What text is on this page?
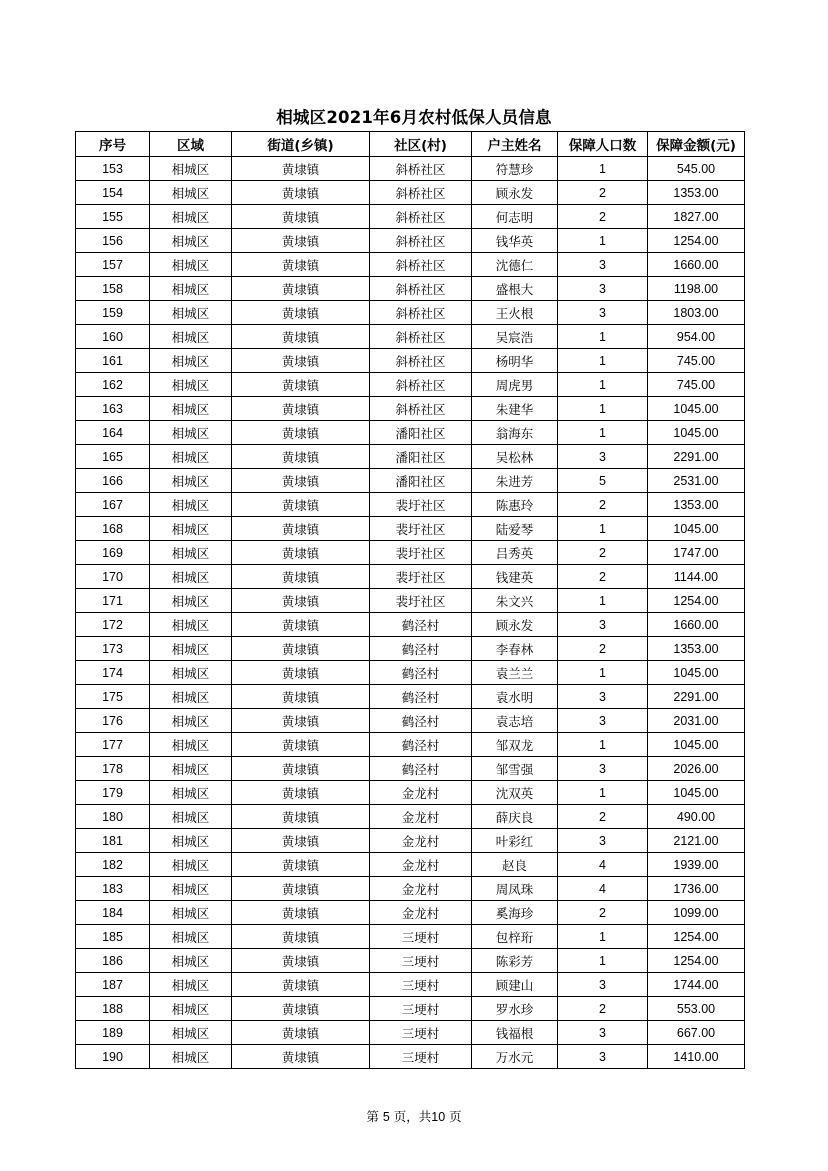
相城区2021年6月农村低保人员信息
序号	区域	街道(乡镇)	社区(村)	户主姓名	保障人口数	保障金额(元)
153	相城区	黄埭镇	斜桥社区	符慧珍	1	545.00
154	相城区	黄埭镇	斜桥社区	顾永发	2	1353.00
155	相城区	黄埭镇	斜桥社区	何志明	2	1827.00
156	相城区	黄埭镇	斜桥社区	钱华英	1	1254.00
157	相城区	黄埭镇	斜桥社区	沈德仁	3	1660.00
158	相城区	黄埭镇	斜桥社区	盛根大	3	1198.00
159	相城区	黄埭镇	斜桥社区	王火根	3	1803.00
160	相城区	黄埭镇	斜桥社区	吴宸浩	1	954.00
161	相城区	黄埭镇	斜桥社区	杨明华	1	745.00
162	相城区	黄埭镇	斜桥社区	周虎男	1	745.00
163	相城区	黄埭镇	斜桥社区	朱建华	1	1045.00
164	相城区	黄埭镇	潘阳社区	翁海东	1	1045.00
165	相城区	黄埭镇	潘阳社区	吴松林	3	2291.00
166	相城区	黄埭镇	潘阳社区	朱进芳	5	2531.00
167	相城区	黄埭镇	裴圩社区	陈惠玲	2	1353.00
168	相城区	黄埭镇	裴圩社区	陆爱琴	1	1045.00
169	相城区	黄埭镇	裴圩社区	吕秀英	2	1747.00
170	相城区	黄埭镇	裴圩社区	钱建英	2	1144.00
171	相城区	黄埭镇	裴圩社区	朱文兴	1	1254.00
172	相城区	黄埭镇	鹤泾村	顾永发	3	1660.00
173	相城区	黄埭镇	鹤泾村	李春林	2	1353.00
174	相城区	黄埭镇	鹤泾村	袁兰兰	1	1045.00
175	相城区	黄埭镇	鹤泾村	袁水明	3	2291.00
176	相城区	黄埭镇	鹤泾村	袁志培	3	2031.00
177	相城区	黄埭镇	鹤泾村	邹双龙	1	1045.00
178	相城区	黄埭镇	鹤泾村	邹雪强	3	2026.00
179	相城区	黄埭镇	金龙村	沈双英	1	1045.00
180	相城区	黄埭镇	金龙村	薛庆良	2	490.00
181	相城区	黄埭镇	金龙村	叶彩红	3	2121.00
182	相城区	黄埭镇	金龙村	赵良	4	1939.00
183	相城区	黄埭镇	金龙村	周凤珠	4	1736.00
184	相城区	黄埭镇	金龙村	奚海珍	2	1099.00
185	相城区	黄埭镇	三埂村	包梓珩	1	1254.00
186	相城区	黄埭镇	三埂村	陈彩芳	1	1254.00
187	相城区	黄埭镇	三埂村	顾建山	3	1744.00
188	相城区	黄埭镇	三埂村	罗水珍	2	553.00
189	相城区	黄埭镇	三埂村	钱福根	3	667.00
190	相城区	黄埭镇	三埂村	万水元	3	1410.00
第 5 页，共10 页
